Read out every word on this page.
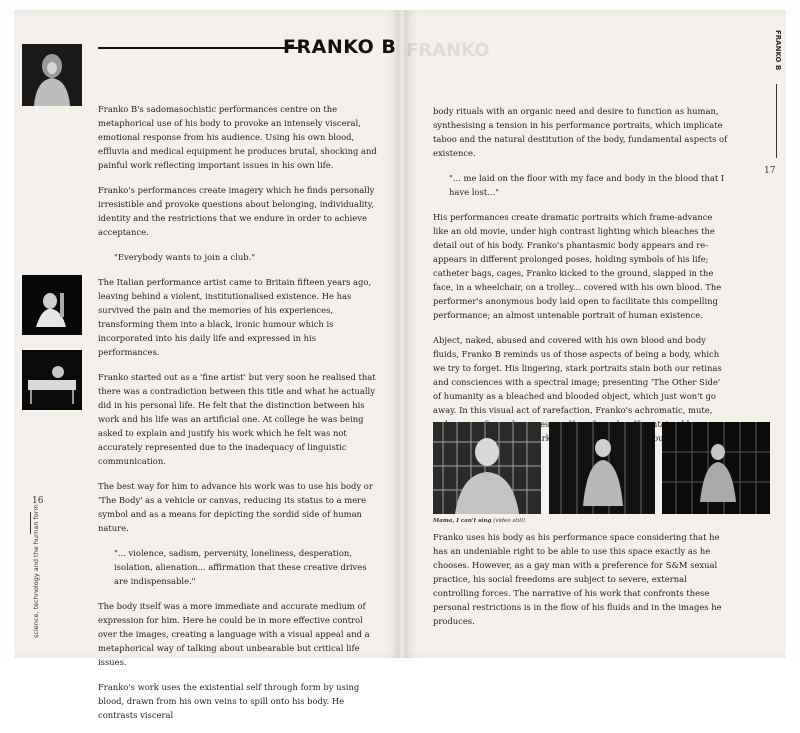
FRANKO B

Franko B's sadomasochistic performances centre on the metaphorical use of his body to provoke an intensely visceral, emotional response from his audience. Using his own blood, effluvia and medical equipment he produces brutal, shocking and painful work reflecting important issues in his own life.

Franko's performances create imagery which he finds personally irresistible and provoke questions about belonging, individuality, identity and the restrictions that we endure in order to achieve acceptance.

"Everybody wants to join a club."

The Italian performance artist came to Britain fifteen years ago, leaving behind a violent, institutionalised existence. He has survived the pain and the memories of his experiences, transforming them into a black, ironic humour which is incorporated into his daily life and expressed in his performances.

Franko started out as a 'fine artist' but very soon he realised that there was a contradiction between this title and what he actually did in his personal life. He felt that the distinction between his work and his life was an artificial one. At college he was being asked to explain and justify his work which he felt was not accurately represented due to the inadequacy of linguistic communication.

The best way for him to advance his work was to use his body or 'The Body' as a vehicle or canvas, reducing its status to a mere symbol and as a means for depicting the sordid side of human nature.

"... violence, sadism, perversity, loneliness, desperation, isolation, alienation... affirmation that these creative drives are indispensable."

The body itself was a more immediate and accurate medium of expression for him. Here he could be in more effective control over the images, creating a language with a visual appeal and a metaphorical way of talking about unbearable but critical life issues.

Franko's work uses the existential self through form by using blood, drawn from his own veins to spill onto his body. He contrasts visceral

16
science, technology and the human form
FRANKO	FRANKO B
17

body rituals with an organic need and desire to function as human, synthesising a tension in his performance portraits, which implicate taboo and the natural destitution of the body, fundamental aspects of existence.

"... me laid on the floor with my face and body in the blood that I have lost..."

His performances create dramatic portraits which frame-advance like an old movie, under high contrast lighting which bleaches the detail out of his body. Franko's phantasmic body appears and re-appears in different prolonged poses, holding symbols of his life; catheter bags, cages, Franko kicked to the ground, slapped in the face, in a wheelchair, on a trolley... covered with his own blood. The performer's anonymous body laid open to facilitate this compelling performance; an almost untenable portrait of human existence.

Abject, naked, abused and covered with his own blood and body fluids, Franko B reminds us of those aspects of being a body, which we try to forget. His lingering, stark portraits stain both our retinas and consciences with a spectral image; presenting 'The Other Side' of humanity as a bleached and blooded object, which just won't go away. In this visual act of rarefaction, Franko's achromatic, mute, darker

Mama, I can't sing (video still)

Franko uses his body as his performance space considering that he has an undeniable right to be able to use this space exactly as he chooses. However, as a gay man with a preference for S&M sexual practice, his social freedoms are subject to severe, external controlling forces. The narrative of his work that confronts these personal restrictions is in the flow of his fluids and in the images he produces.
